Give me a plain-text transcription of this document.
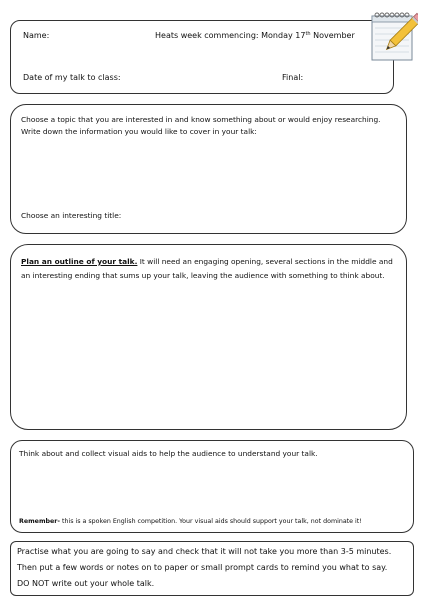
Name:	Heats week commencing: Monday 17th November
Date of my talk to class:	Final:
Choose a topic that you are interested in and know something about or would enjoy researching.
Write down the information you would like to cover in your talk:
Choose an interesting title:
Plan an outline of your talk. It will need an engaging opening, several sections in the middle and an interesting ending that sums up your talk, leaving the audience with something to think about.
Think about and collect visual aids to help the audience to understand your talk.
Remember- this is a spoken English competition. Your visual aids should support your talk, not dominate it!
Practise what you are going to say and check that it will not take you more than 3-5 minutes.
Then put a few words or notes on to paper or small prompt cards to remind you what to say.
DO NOT write out your whole talk.
